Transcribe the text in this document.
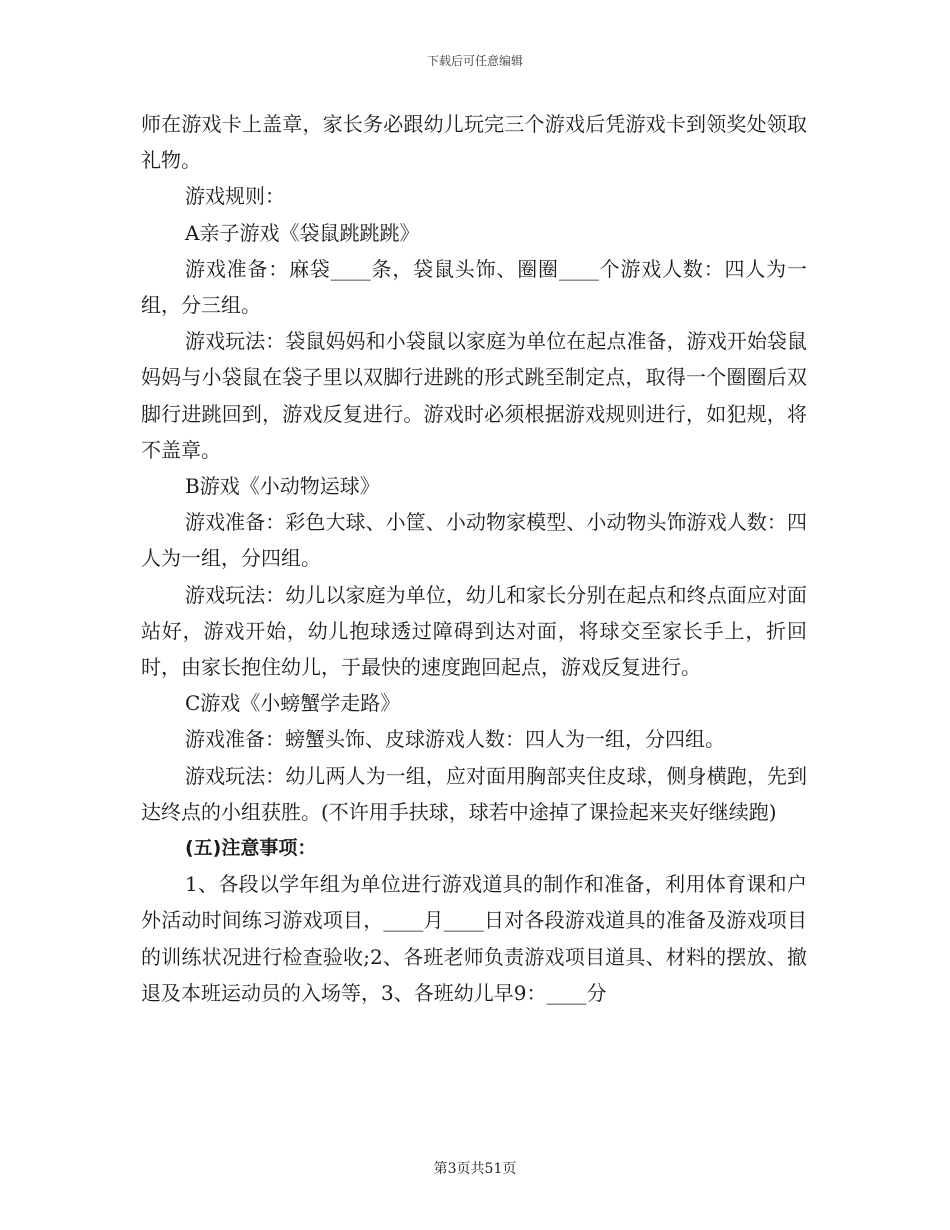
下载后可任意编辑

师在游戏卡上盖章，家长务必跟幼儿玩完三个游戏后凭游戏卡到领奖处领取礼物。

游戏规则：

A亲子游戏《袋鼠跳跳跳》

游戏准备：麻袋____条，袋鼠头饰、圈圈____个游戏人数：四人为一组，分三组。

游戏玩法：袋鼠妈妈和小袋鼠以家庭为单位在起点准备，游戏开始袋鼠妈妈与小袋鼠在袋子里以双脚行进跳的形式跳至制定点，取得一个圈圈后双脚行进跳回到，游戏反复进行。游戏时必须根据游戏规则进行，如犯规，将不盖章。

B游戏《小动物运球》

游戏准备：彩色大球、小筐、小动物家模型、小动物头饰游戏人数：四人为一组，分四组。

游戏玩法：幼儿以家庭为单位，幼儿和家长分别在起点和终点面应对面站好，游戏开始，幼儿抱球透过障碍到达对面，将球交至家长手上，折回时，由家长抱住幼儿，于最快的速度跑回起点，游戏反复进行。

C游戏《小螃蟹学走路》

游戏准备：螃蟹头饰、皮球游戏人数：四人为一组，分四组。

游戏玩法：幼儿两人为一组，应对面用胸部夹住皮球，侧身横跑，先到达终点的小组获胜。(不许用手扶球，球若中途掉了课捡起来夹好继续跑)

(五)注意事项：

1、各段以学年组为单位进行游戏道具的制作和准备，利用体育课和户外活动时间练习游戏项目，____月____日对各段游戏道具的准备及游戏项目的训练状况进行检查验收;2、各班老师负责游戏项目道具、材料的摆放、撤退及本班运动员的入场等，3、各班幼儿早9：____分

第3页共51页
